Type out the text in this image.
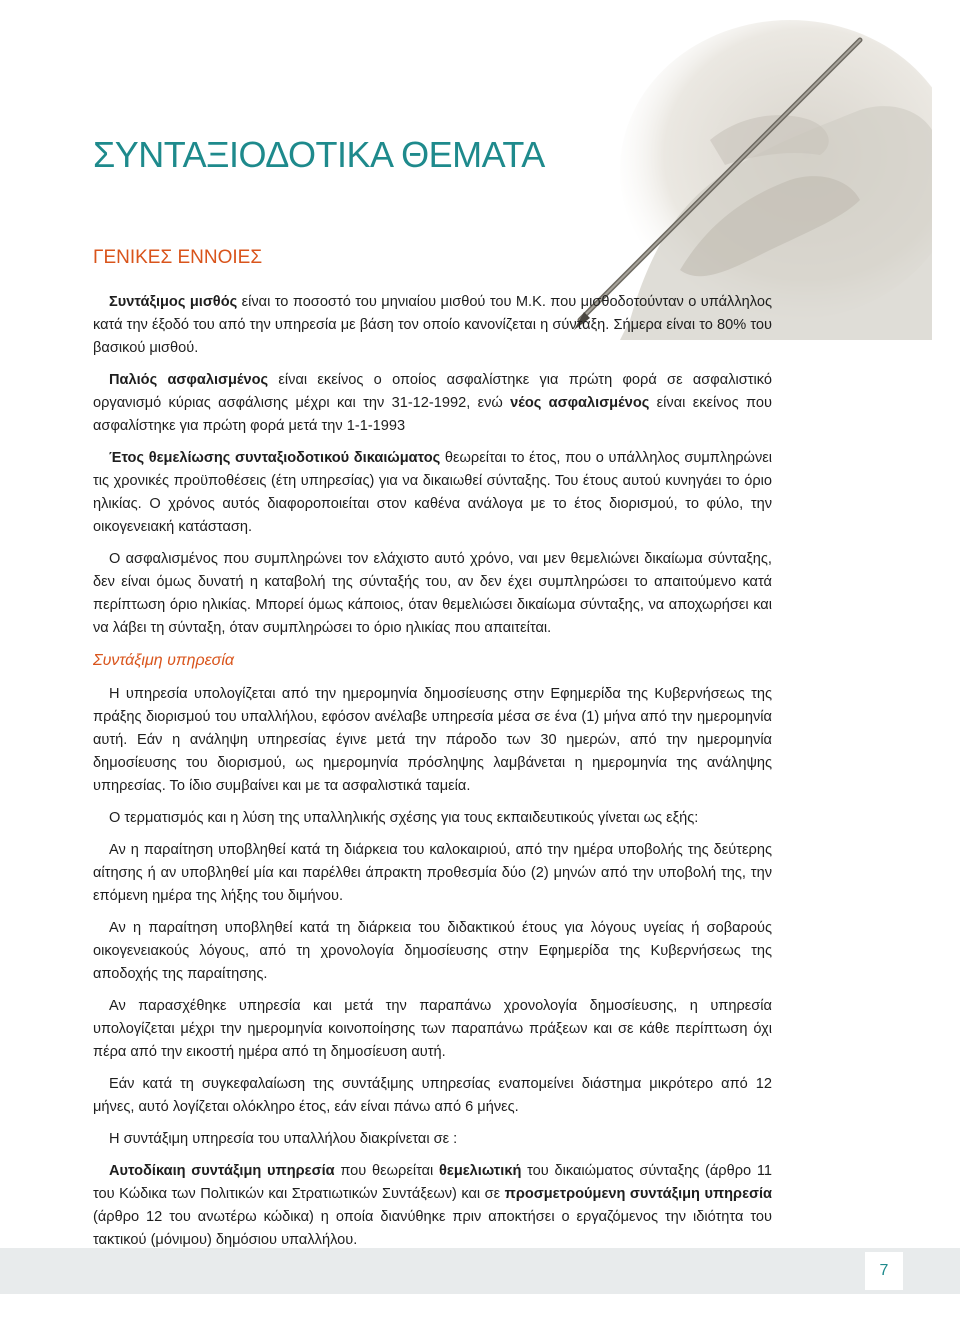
ΣΥΝΤΑΞΙΟΔΟΤΙΚΑ ΘΕΜΑΤΑ
ΓΕΝΙΚΕΣ ΕΝΝΟΙΕΣ

Συντάξιμος μισθός είναι το ποσοστό του μηνιαίου μισθού του Μ.Κ. που μισθοδοτούνταν ο υπάλληλος κατά την έξοδό του από την υπηρεσία με βάση τον οποίο κανονίζεται η σύνταξη. Σήμερα είναι το 80% του βασικού μισθού.

Παλιός ασφαλισμένος είναι εκείνος ο οποίος ασφαλίστηκε για πρώτη φορά σε ασφαλιστικό οργανισμό κύριας ασφάλισης μέχρι και την 31-12-1992, ενώ νέος ασφαλισμένος είναι εκείνος που ασφαλίστηκε για πρώτη φορά μετά την 1-1-1993

Έτος θεμελίωσης συνταξιοδοτικού δικαιώματος θεωρείται το έτος, που ο υπάλληλος συμπληρώνει τις χρονικές προϋποθέσεις (έτη υπηρεσίας) για να δικαιωθεί σύνταξης. Του έτους αυτού κυνηγάει το όριο ηλικίας. Ο χρόνος αυτός διαφοροποιείται στον καθένα ανάλογα με το έτος διορισμού, το φύλο, την οικογενειακή κατάσταση.

Ο ασφαλισμένος που συμπληρώνει τον ελάχιστο αυτό χρόνο, ναι μεν θεμελιώνει δικαίωμα σύνταξης, δεν είναι όμως δυνατή η καταβολή της σύνταξής του, αν δεν έχει συμπληρώσει το απαιτούμενο κατά περίπτωση όριο ηλικίας. Μπορεί όμως κάποιος, όταν θεμελιώσει δικαίωμα σύνταξης, να αποχωρήσει και να λάβει τη σύνταξη, όταν συμπληρώσει το όριο ηλικίας που απαιτείται.

Συντάξιμη υπηρεσία

Η υπηρεσία υπολογίζεται από την ημερομηνία δημοσίευσης στην Εφημερίδα της Κυβερνήσεως της πράξης διορισμού του υπαλλήλου, εφόσον ανέλαβε υπηρεσία μέσα σε ένα (1) μήνα από την ημερομηνία αυτή. Εάν η ανάληψη υπηρεσίας έγινε μετά την πάροδο των 30 ημερών, από την ημερομηνία δημοσίευσης του διορισμού, ως ημερομηνία πρόσληψης λαμβάνεται η ημερομηνία της ανάληψης υπηρεσίας. Το ίδιο συμβαίνει και με τα ασφαλιστικά ταμεία.

Ο τερματισμός και η λύση της υπαλληλικής σχέσης για τους εκπαιδευτικούς γίνεται ως εξής:

Αν η παραίτηση υποβληθεί κατά τη διάρκεια του καλοκαιριού, από την ημέρα υποβολής της δεύτερης αίτησης ή αν υποβληθεί μία και παρέλθει άπρακτη προθεσμία δύο (2) μηνών από την υποβολή της, την επόμενη ημέρα της λήξης του διμήνου.

Αν η παραίτηση υποβληθεί κατά τη διάρκεια του διδακτικού έτους για λόγους υγείας ή σοβαρούς οικογενειακούς λόγους, από τη χρονολογία δημοσίευσης στην Εφημερίδα της Κυβερνήσεως της αποδοχής της παραίτησης.

Αν παρασχέθηκε υπηρεσία και μετά την παραπάνω χρονολογία δημοσίευσης, η υπηρεσία υπολογίζεται μέχρι την ημερομηνία κοινοποίησης των παραπάνω πράξεων και σε κάθε περίπτωση όχι πέρα από την εικοστή ημέρα από τη δημοσίευση αυτή.

Εάν κατά τη συγκεφαλαίωση της συντάξιμης υπηρεσίας εναπομείνει διάστημα μικρότερο από 12 μήνες, αυτό λογίζεται ολόκληρο έτος, εάν είναι πάνω από 6 μήνες.

Η συντάξιμη υπηρεσία του υπαλλήλου διακρίνεται σε :

Αυτοδίκαιη συντάξιμη υπηρεσία που θεωρείται θεμελιωτική του δικαιώματος σύνταξης (άρθρο 11 του Κώδικα των Πολιτικών και Στρατιωτικών Συντάξεων) και σε προσμετρούμενη συντάξιμη υπηρεσία (άρθρο 12 του ανωτέρω κώδικα) η οποία διανύθηκε πριν αποκτήσει ο εργαζόμενος την ιδιότητα του τακτικού (μόνιμου) δημόσιου υπαλλήλου.

7
